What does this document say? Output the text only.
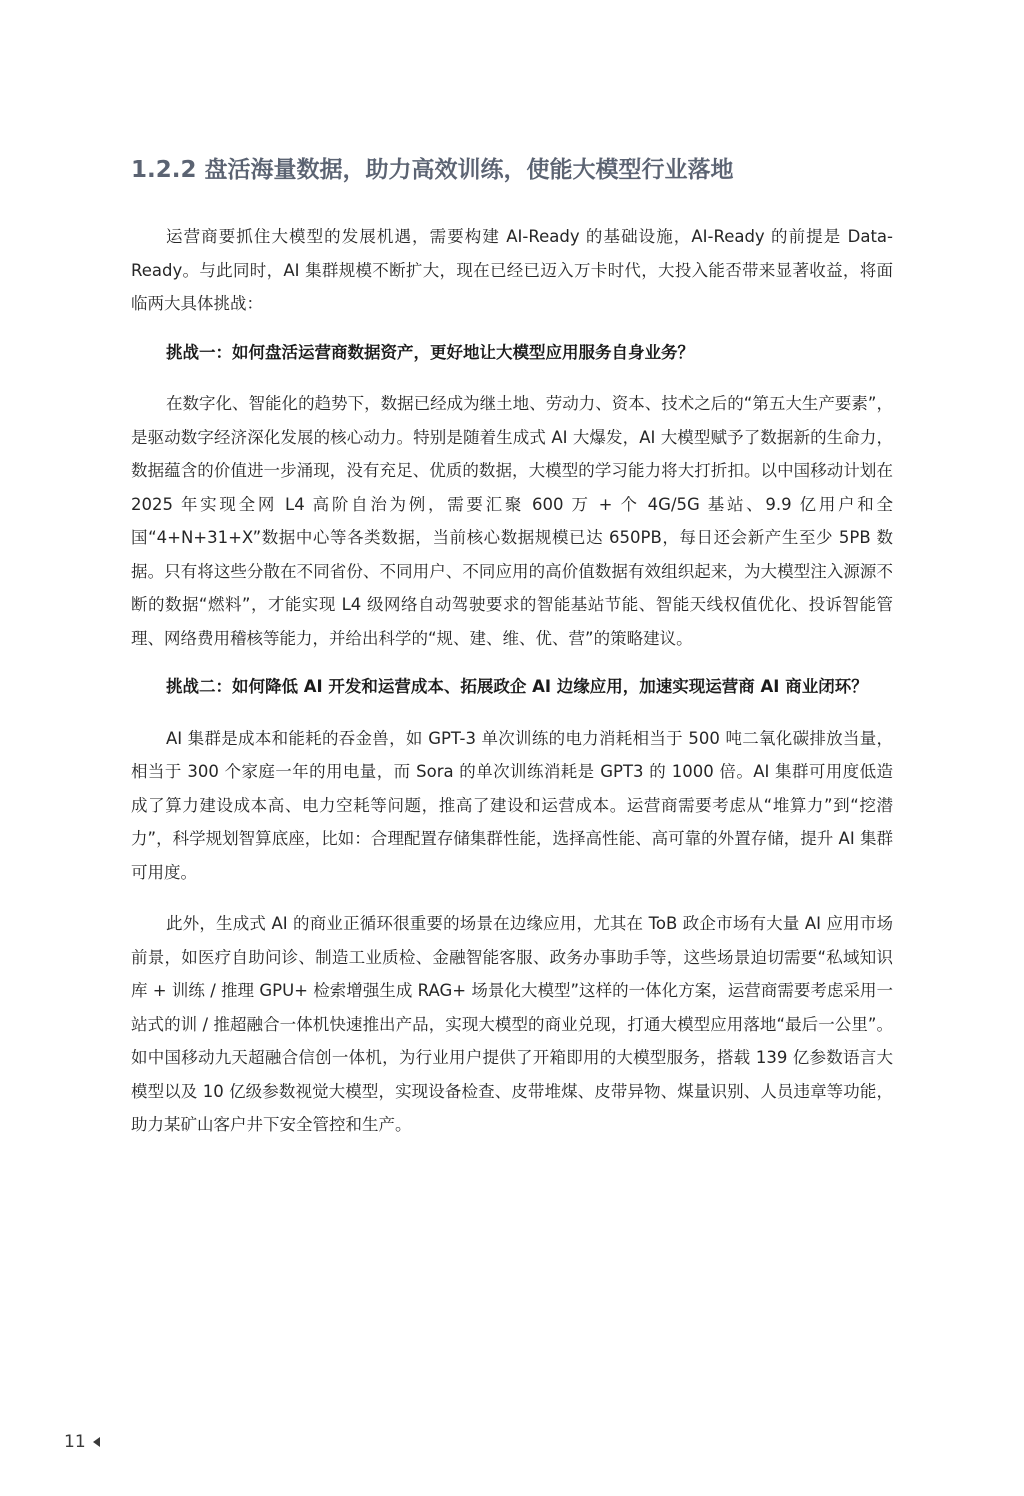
1.2.2 盘活海量数据，助力高效训练，使能大模型行业落地

运营商要抓住大模型的发展机遇，需要构建 AI-Ready 的基础设施，AI-Ready 的前提是 Data-Ready。与此同时，AI 集群规模不断扩大，现在已经已迈入万卡时代，大投入能否带来显著收益，将面临两大具体挑战：

挑战一：如何盘活运营商数据资产，更好地让大模型应用服务自身业务？

在数字化、智能化的趋势下，数据已经成为继土地、劳动力、资本、技术之后的“第五大生产要素”，是驱动数字经济深化发展的核心动力。特别是随着生成式 AI 大爆发，AI 大模型赋予了数据新的生命力，数据蕴含的价值进一步涌现，没有充足、优质的数据，大模型的学习能力将大打折扣。以中国移动计划在 2025 年实现全网 L4 高阶自治为例，需要汇聚 600 万 + 个 4G/5G 基站、9.9 亿用户和全国“4+N+31+X”数据中心等各类数据，当前核心数据规模已达 650PB，每日还会新产生至少 5PB 数据。只有将这些分散在不同省份、不同用户、不同应用的高价值数据有效组织起来，为大模型注入源源不断的数据“燃料”，才能实现 L4 级网络自动驾驶要求的智能基站节能、智能天线权值优化、投诉智能管理、网络费用稽核等能力，并给出科学的“规、建、维、优、营”的策略建议。

挑战二：如何降低 AI 开发和运营成本、拓展政企 AI 边缘应用，加速实现运营商 AI 商业闭环？

AI 集群是成本和能耗的吞金兽，如 GPT-3 单次训练的电力消耗相当于 500 吨二氧化碳排放当量，相当于 300 个家庭一年的用电量，而 Sora 的单次训练消耗是 GPT3 的 1000 倍。AI 集群可用度低造成了算力建设成本高、电力空耗等问题，推高了建设和运营成本。运营商需要考虑从“堆算力”到“挖潜力”，科学规划智算底座，比如：合理配置存储集群性能，选择高性能、高可靠的外置存储，提升 AI 集群可用度。

此外，生成式 AI 的商业正循环很重要的场景在边缘应用，尤其在 ToB 政企市场有大量 AI 应用市场前景，如医疗自助问诊、制造工业质检、金融智能客服、政务办事助手等，这些场景迫切需要“私域知识库 + 训练 / 推理 GPU+ 检索增强生成 RAG+ 场景化大模型”这样的一体化方案，运营商需要考虑采用一站式的训 / 推超融合一体机快速推出产品，实现大模型的商业兑现，打通大模型应用落地“最后一公里”。如中国移动九天超融合信创一体机，为行业用户提供了开箱即用的大模型服务，搭载 139 亿参数语言大模型以及 10 亿级参数视觉大模型，实现设备检查、皮带堆煤、皮带异物、煤量识别、人员违章等功能，助力某矿山客户井下安全管控和生产。

11
